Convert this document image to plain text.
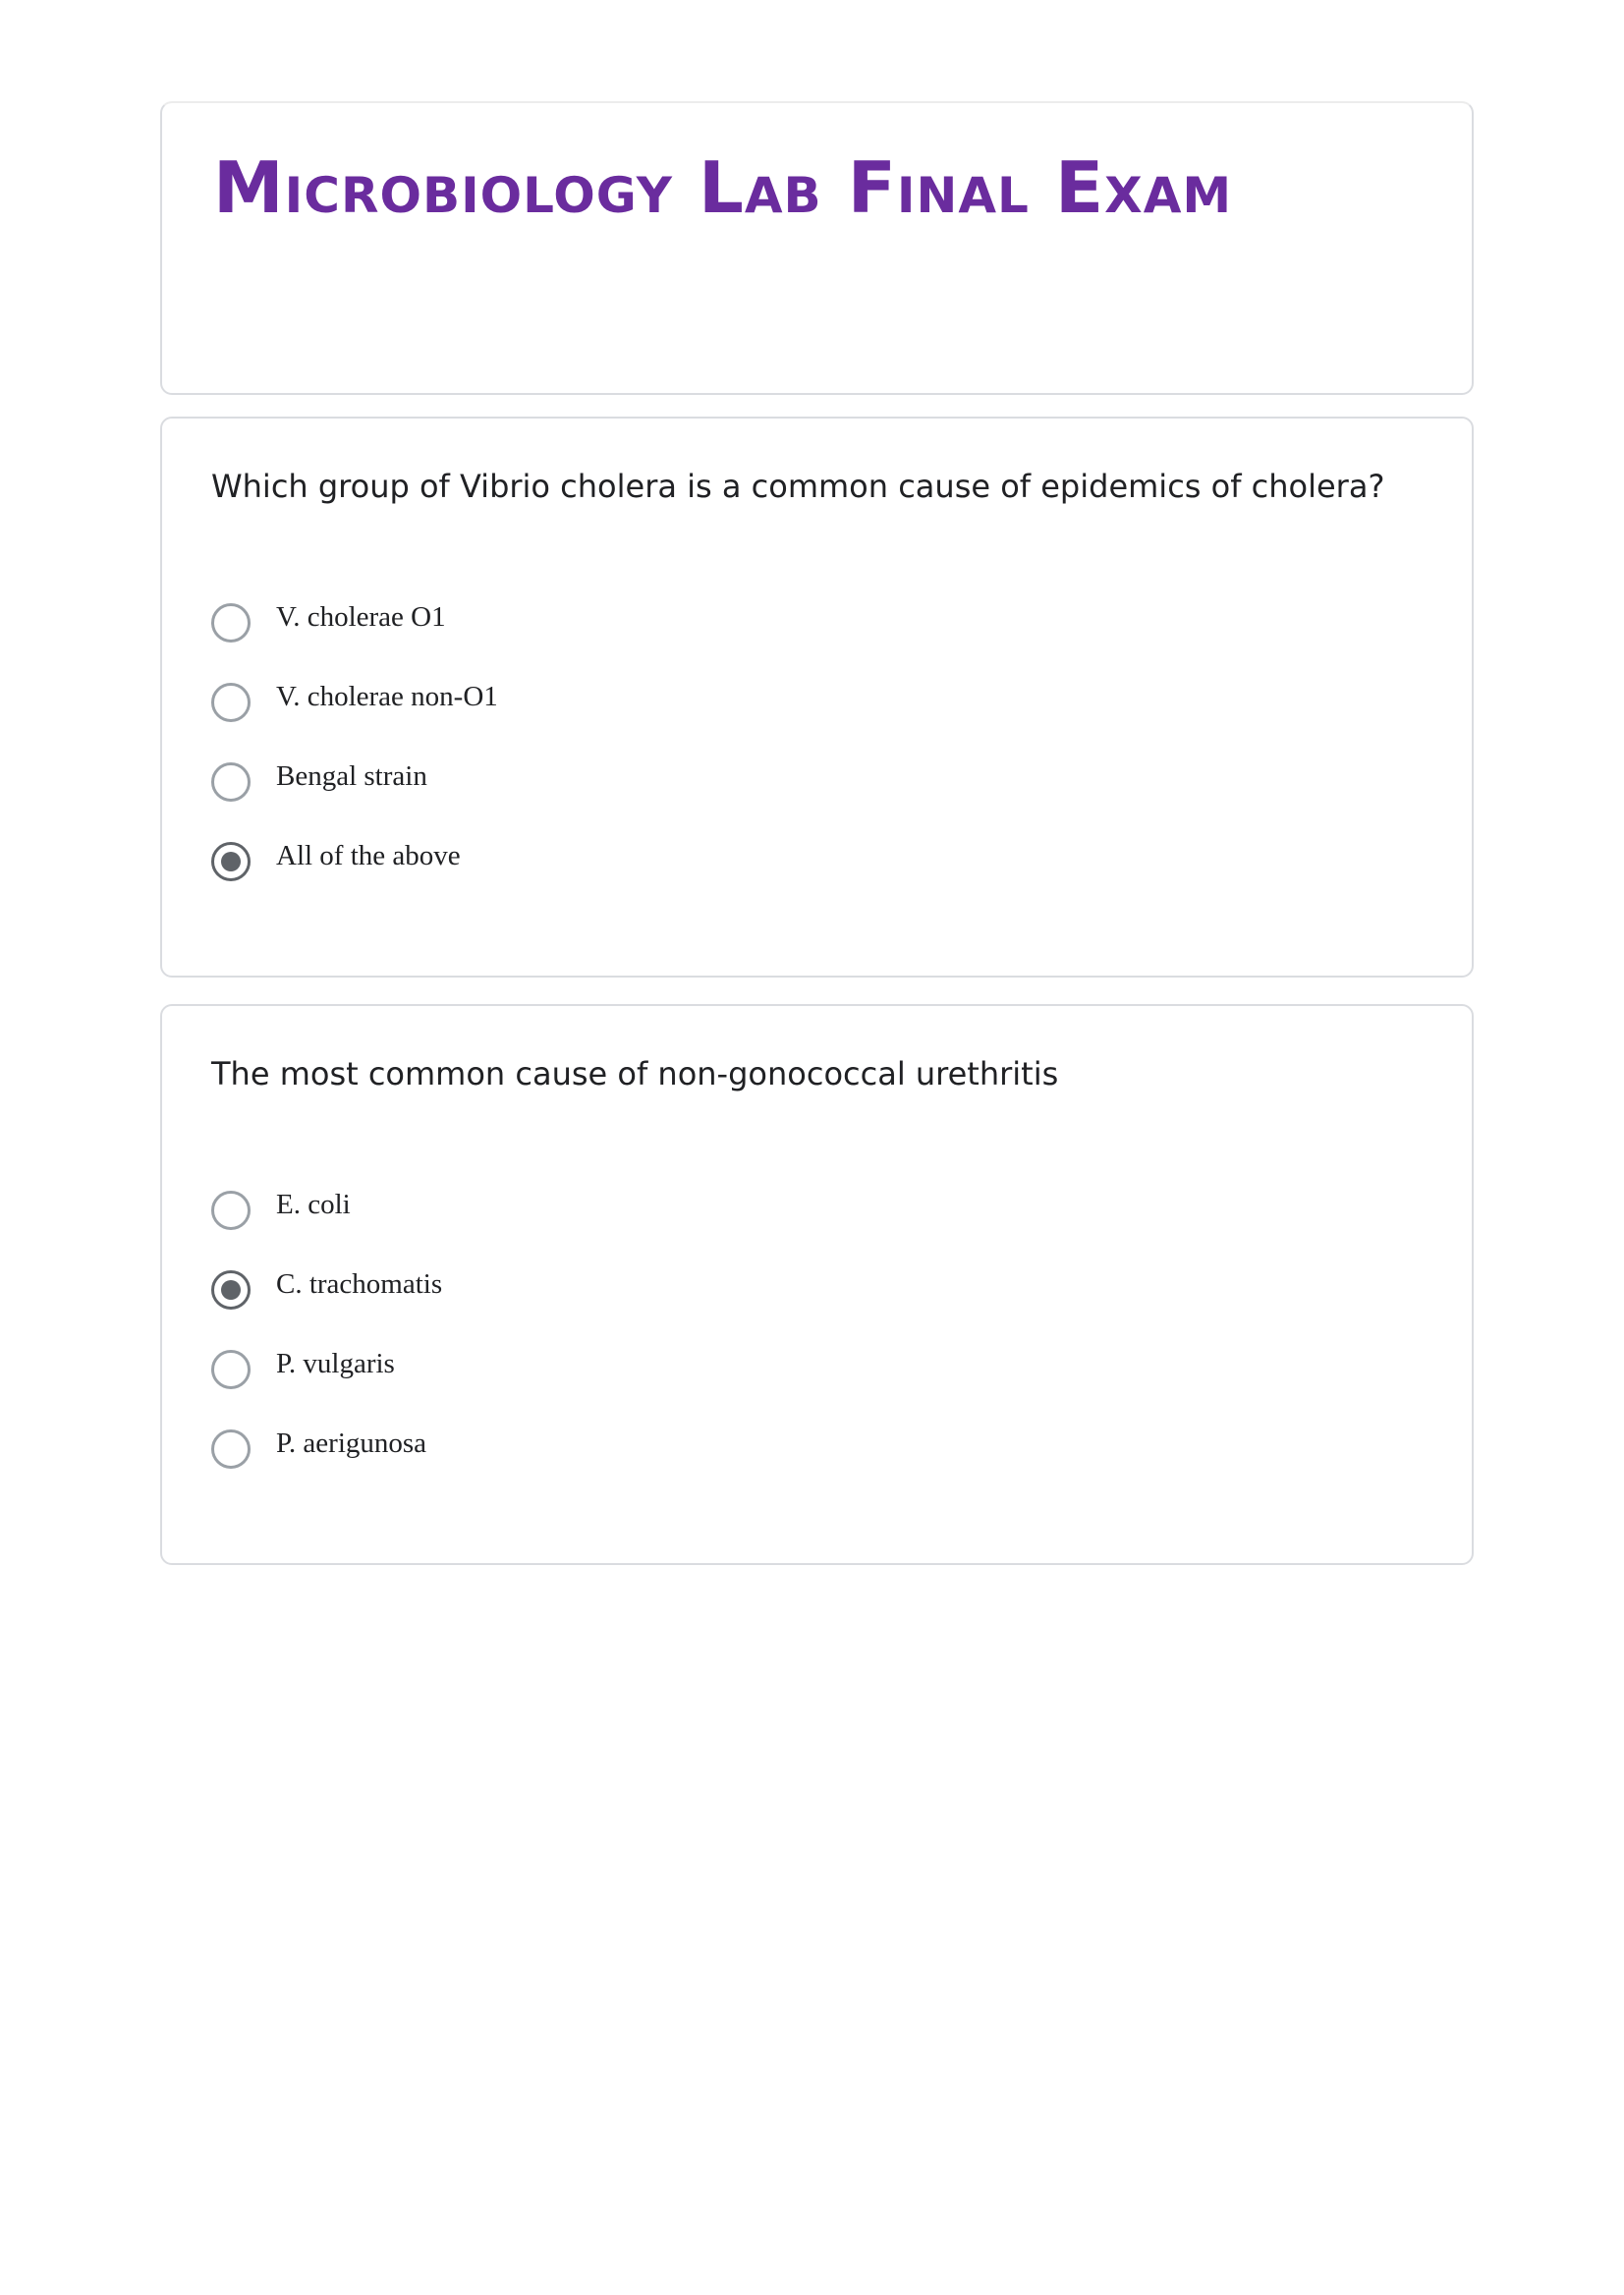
Microbiology Lab Final Exam

Which group of Vibrio cholera is a common cause of epidemics of cholera?

V. cholerae O1
V. cholerae non-O1
Bengal strain
All of the above

The most common cause of non-gonococcal urethritis

E. coli
C. trachomatis
P. vulgaris
P. aerigunosa
